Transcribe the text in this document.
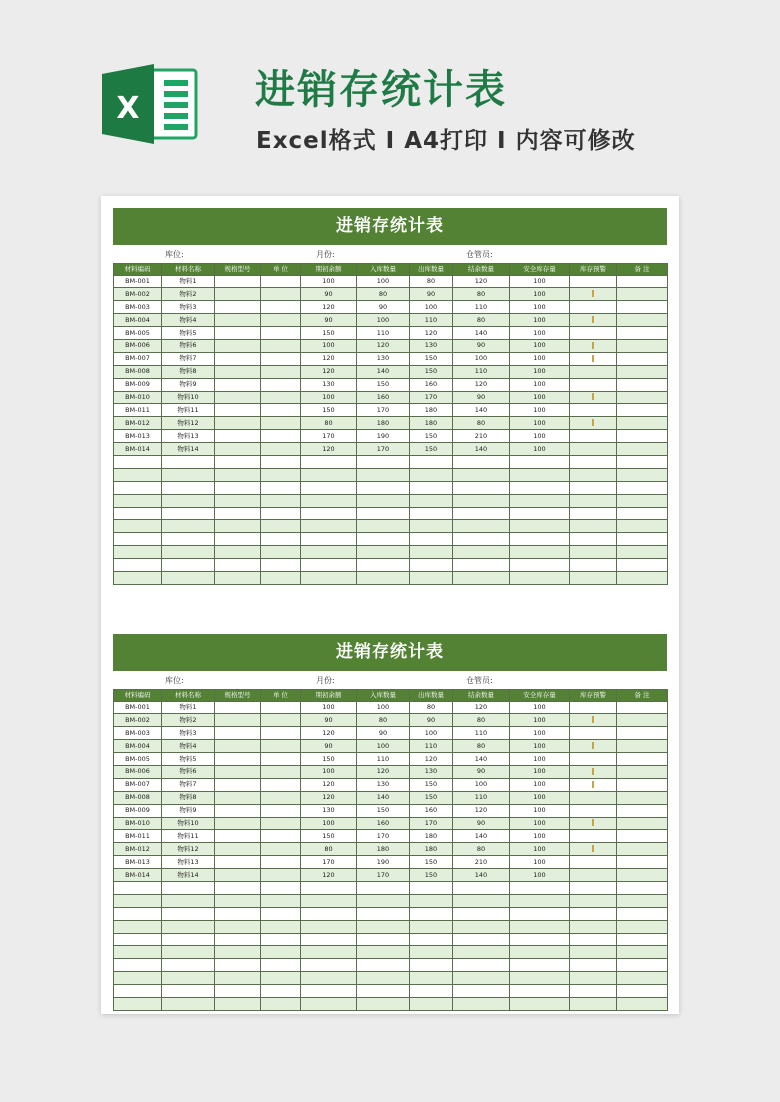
X	进销存统计表
Excel格式 I A4打印 I 内容可修改
进销存统计表
库位:	月份:	仓管员:
材料编码	材料名称	规格型号	单 位	期初余额	入库数量	出库数量	结余数量	安全库存量	库存预警	备 注
BM-001	物料1			100	100	80	120	100		
BM-002	物料2			90	80	90	80	100		
BM-003	物料3			120	90	100	110	100		
BM-004	物料4			90	100	110	80	100		
BM-005	物料5			150	110	120	140	100		
BM-006	物料6			100	120	130	90	100		
BM-007	物料7			120	130	150	100	100		
BM-008	物料8			120	140	150	110	100		
BM-009	物料9			130	150	160	120	100		
BM-010	物料10			100	160	170	90	100		
BM-011	物料11			150	170	180	140	100		
BM-012	物料12			80	180	180	80	100		
BM-013	物料13			170	190	150	210	100		
BM-014	物料14			120	170	150	140	100		

进销存统计表
库位:	月份:	仓管员:
材料编码	材料名称	规格型号	单 位	期初余额	入库数量	出库数量	结余数量	安全库存量	库存预警	备 注
BM-001	物料1			100	100	80	120	100		
BM-002	物料2			90	80	90	80	100		
BM-003	物料3			120	90	100	110	100		
BM-004	物料4			90	100	110	80	100		
BM-005	物料5			150	110	120	140	100		
BM-006	物料6			100	120	130	90	100		
BM-007	物料7			120	130	150	100	100		
BM-008	物料8			120	140	150	110	100		
BM-009	物料9			130	150	160	120	100		
BM-010	物料10			100	160	170	90	100		
BM-011	物料11			150	170	180	140	100		
BM-012	物料12			80	180	180	80	100		
BM-013	物料13			170	190	150	210	100		
BM-014	物料14			120	170	150	140	100		
